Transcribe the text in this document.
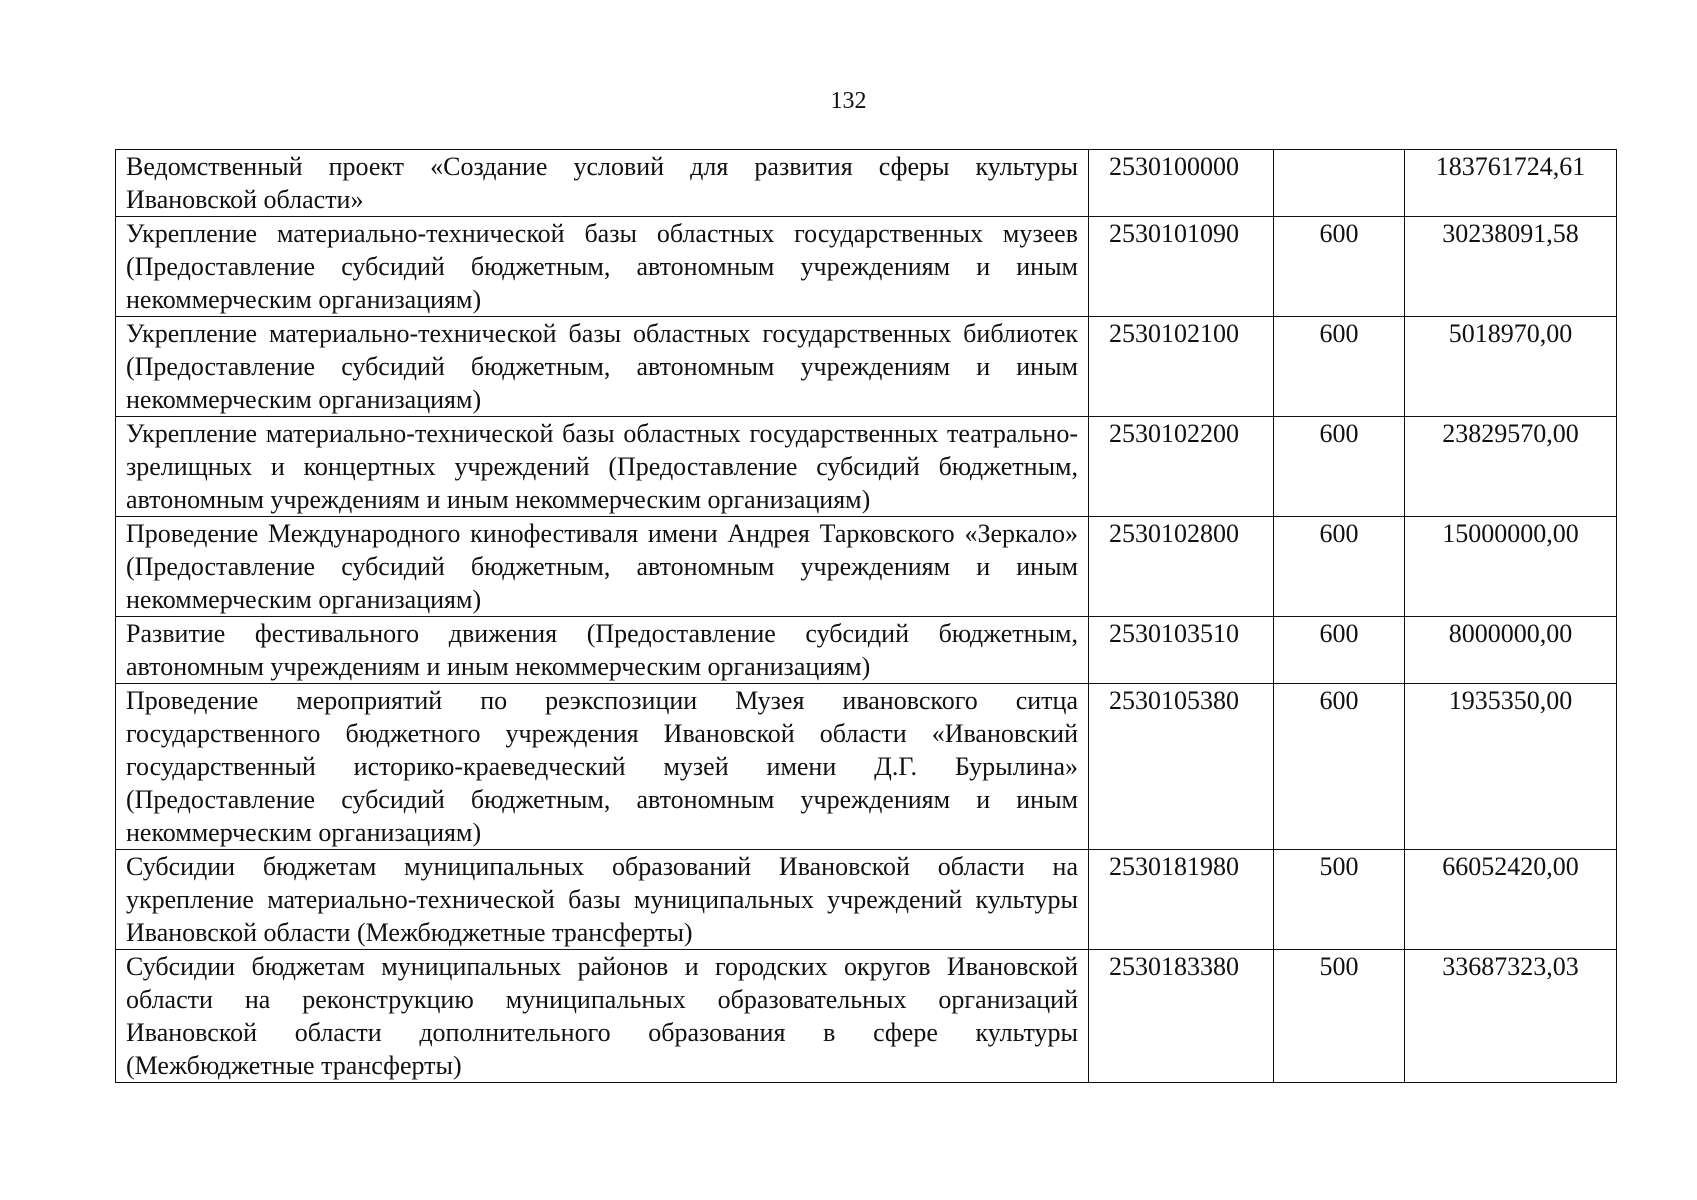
132
Ведомственный проект «Создание условий для развития сферы культуры Ивановской области»	2530100000		183761724,61
Укрепление материально-технической базы областных государственных музеев (Предоставление субсидий бюджетным, автономным учреждениям и иным некоммерческим организациям)	2530101090	600	30238091,58
Укрепление материально-технической базы областных государственных библиотек (Предоставление субсидий бюджетным, автономным учреждениям и иным некоммерческим организациям)	2530102100	600	5018970,00
Укрепление материально-технической базы областных государственных театрально-зрелищных и концертных учреждений (Предоставление субсидий бюджетным, автономным учреждениям и иным некоммерческим организациям)	2530102200	600	23829570,00
Проведение Международного кинофестиваля имени Андрея Тарковского «Зеркало» (Предоставление субсидий бюджетным, автономным учреждениям и иным некоммерческим организациям)	2530102800	600	15000000,00
Развитие фестивального движения (Предоставление субсидий бюджетным, автономным учреждениям и иным некоммерческим организациям)	2530103510	600	8000000,00
Проведение мероприятий по реэкспозиции Музея ивановского ситца государственного бюджетного учреждения Ивановской области «Ивановский государственный историко-краеведческий музей имени Д.Г. Бурылина» (Предоставление субсидий бюджетным, автономным учреждениям и иным некоммерческим организациям)	2530105380	600	1935350,00
Субсидии бюджетам муниципальных образований Ивановской области на укрепление материально-технической базы муниципальных учреждений культуры Ивановской области (Межбюджетные трансферты)	2530181980	500	66052420,00
Субсидии бюджетам муниципальных районов и городских округов Ивановской области на реконструкцию муниципальных образовательных организаций Ивановской области дополнительного образования в сфере культуры (Межбюджетные трансферты)	2530183380	500	33687323,03
